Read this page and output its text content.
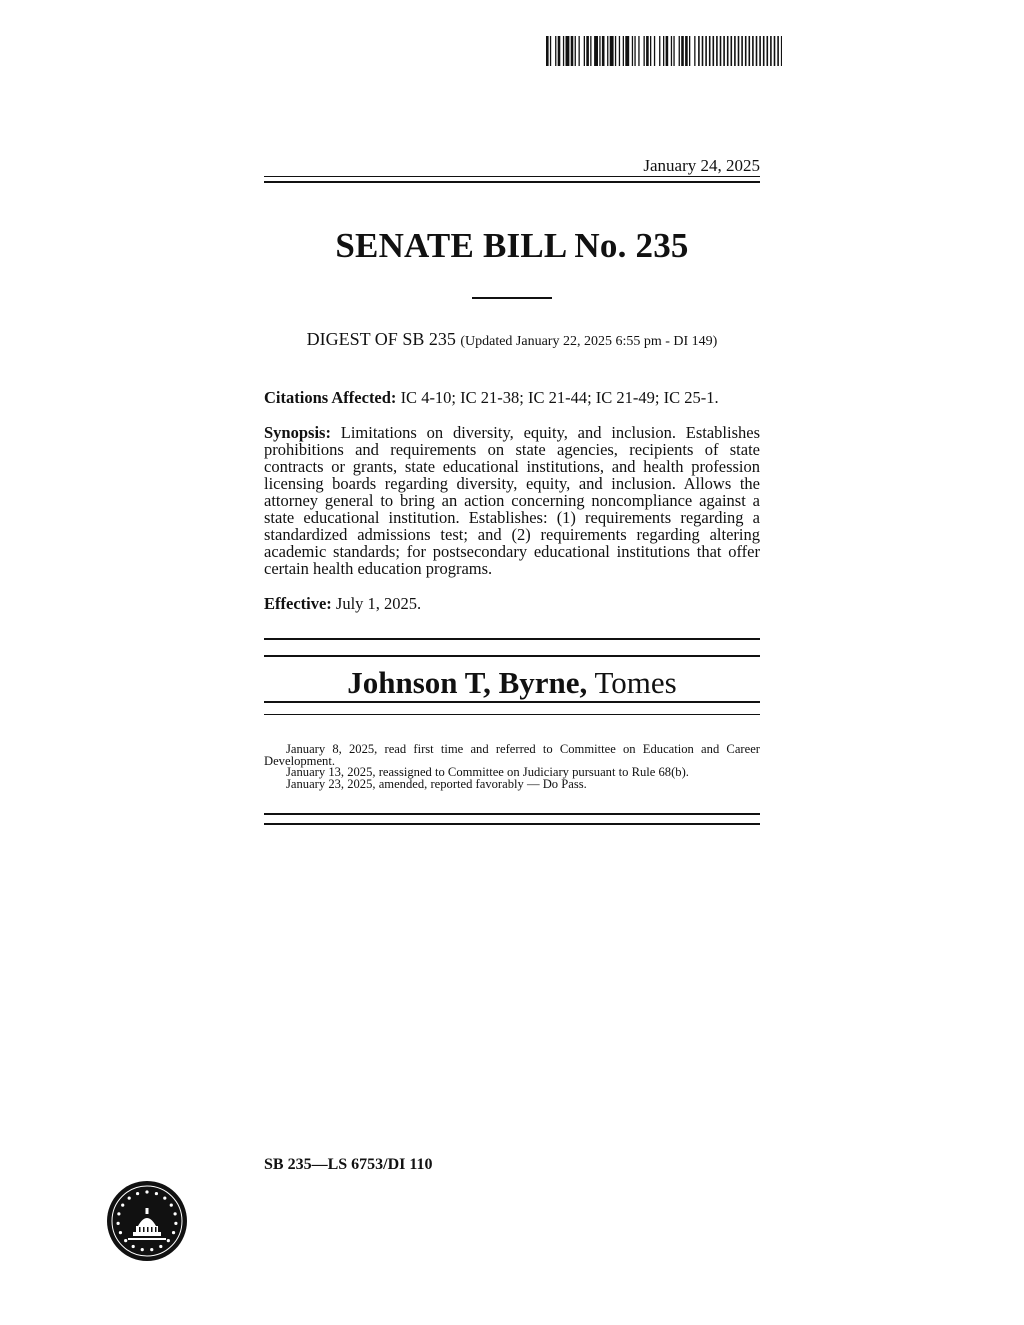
January 24, 2025
SENATE BILL No. 235
DIGEST OF SB 235 (Updated January 22, 2025 6:55 pm - DI 149)
Citations Affected: IC 4-10; IC 21-38; IC 21-44; IC 21-49; IC 25-1.
Synopsis: Limitations on diversity, equity, and inclusion. Establishes prohibitions and requirements on state agencies, recipients of state contracts or grants, state educational institutions, and health profession licensing boards regarding diversity, equity, and inclusion. Allows the attorney general to bring an action concerning noncompliance against a state educational institution. Establishes: (1) requirements regarding a standardized admissions test; and (2) requirements regarding altering academic standards; for postsecondary educational institutions that offer certain health education programs.
Effective: July 1, 2025.
Johnson T, Byrne, Tomes

January 8, 2025, read first time and referred to Committee on Education and Career Development.

January 13, 2025, reassigned to Committee on Judiciary pursuant to Rule 68(b).

January 23, 2025, amended, reported favorably — Do Pass.

SB 235—LS 6753/DI 110
